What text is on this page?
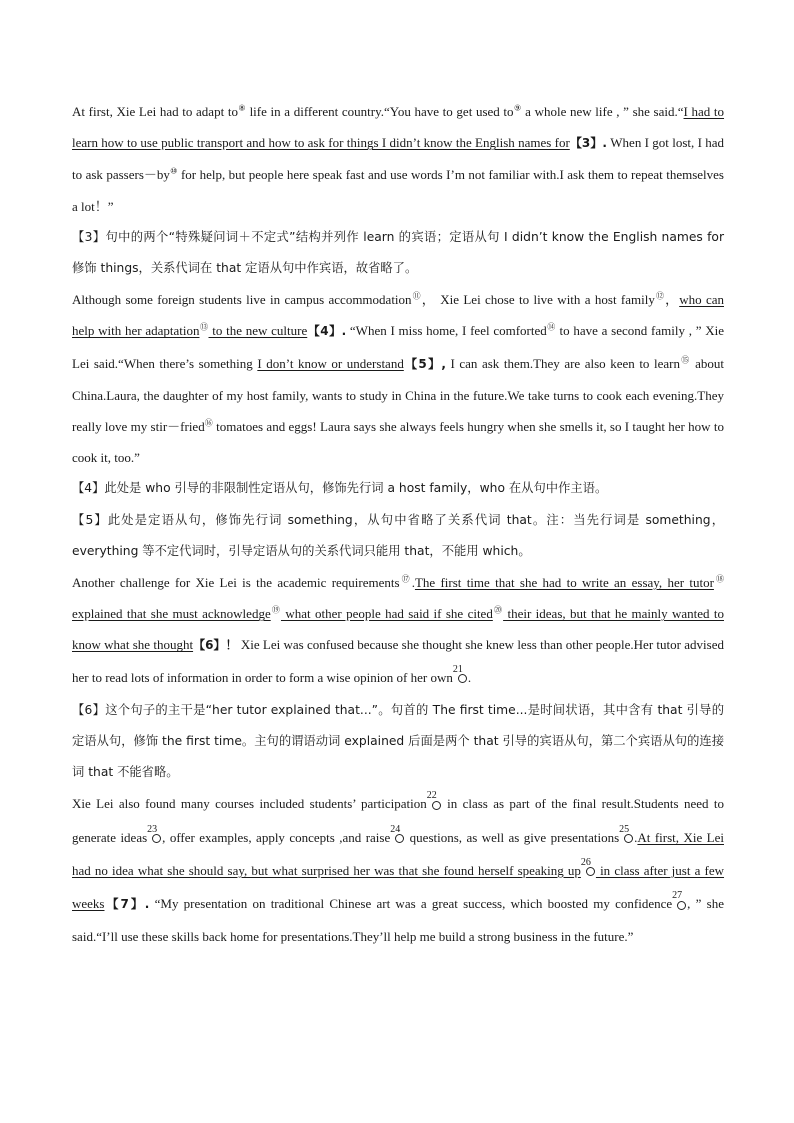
At first, Xie Lei had to adapt to⑧ life in a different country.“You have to get used to⑨ a whole new life , ” she said.“I had to learn how to use public transport and how to ask for things I didn’t know the English names for【3】. When I got lost, I had to ask passers－by⑩ for help, but people here speak fast and use words I’m not familiar with.I ask them to repeat themselves a lot！”

【3】句中的两个“特殊疑问词＋不定式”结构并列作 learn 的宾语；定语从句 I didn’t know the English names for 修饰 things，关系代词在 that 定语从句中作宾语，故省略了。

Although some foreign students live in campus accommodation⑪， Xie Lei chose to live with a host family⑫，who can help with her adaptation⑬ to the new culture【4】. “When I miss home, I feel comforted⑭ to have a second family , ” Xie Lei said.“When there’s something I don’t know or understand【5】, I can ask them.They are also keen to learn⑮ about China.Laura, the daughter of my host family, wants to study in China in the future.We take turns to cook each evening.They really love my stir－fried⑯ tomatoes and eggs! Laura says she always feels hungry when she smells it, so I taught her how to cook it, too.”

【4】此处是 who 引导的非限制性定语从句，修饰先行词 a host family，who 在从句中作主语。

【5】此处是定语从句，修饰先行词 something，从句中省略了关系代词 that。注：当先行词是 something，everything 等不定代词时，引导定语从句的关系代词只能用 that，不能用 which。

Another challenge for Xie Lei is the academic requirements⑰.The first time that she had to write an essay, her tutor⑱ explained that she must acknowledge⑲ what other people had said if she cited⑳ their ideas, but that he mainly wanted to know what she thought【6】！ Xie Lei was confused because she thought she knew less than other people.Her tutor advised her to read lots of information in order to form a wise opinion of her own$^{21}$.

【6】这个句子的主干是“her tutor explained that...”。句首的 The first time...是时间状语，其中含有 that 引导的定语从句，修饰 the first time。主句的谓语动词 explained 后面是两个 that 引导的宾语从句，第二个宾语从句的连接词 that 不能省略。

Xie Lei also found many courses included students’ participation$^{22}$ in class as part of the final result.Students need to generate ideas$^{23}$, offer examples, apply concepts ,and raise$^{24}$ questions, as well as give presentations$^{25}$.At first, Xie Lei had no idea what she should say, but what surprised her was that she found herself speaking $up^{26}$ in class after just a few weeks【7】. “My presentation on traditional Chinese art was a great success, which boosted my confidence$^{27}$, ” she said.“I’ll use these skills back home for presentations.They’ll help me build a strong business in the future.”
